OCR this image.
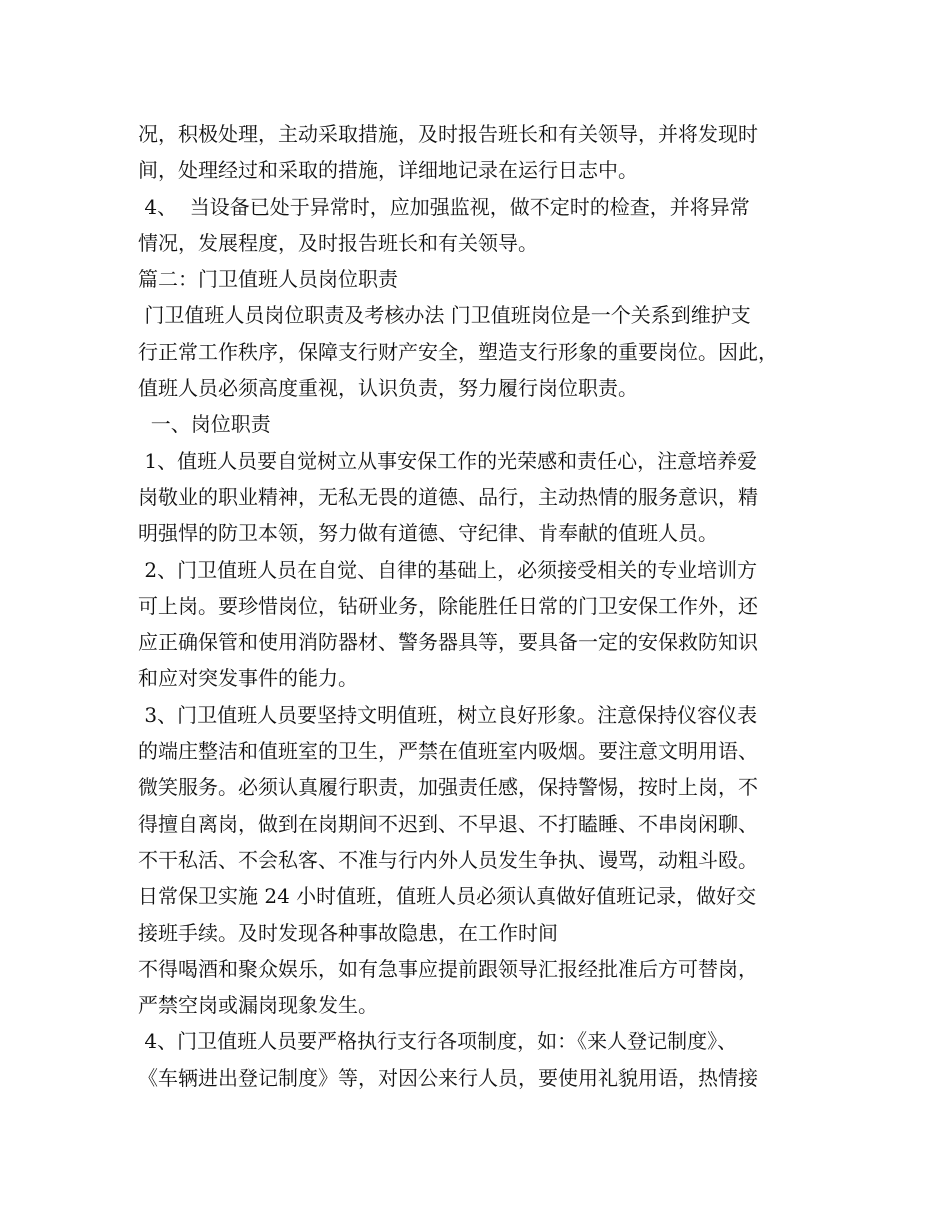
况，积极处理，主动采取措施，及时报告班长和有关领导，并将发现时

间，处理经过和采取的措施，详细地记录在运行日志中。

4、  当设备已处于异常时，应加强监视，做不定时的检查，并将异常

情况，发展程度，及时报告班长和有关领导。

篇二：门卫值班人员岗位职责

门卫值班人员岗位职责及考核办法 门卫值班岗位是一个关系到维护支

行正常工作秩序，保障支行财产安全，塑造支行形象的重要岗位。因此，

值班人员必须高度重视，认识负责，努力履行岗位职责。

一、岗位职责

1、值班人员要自觉树立从事安保工作的光荣感和责任心，注意培养爱

岗敬业的职业精神，无私无畏的道德、品行，主动热情的服务意识，精

明强悍的防卫本领，努力做有道德、守纪律、肯奉献的值班人员。

2、门卫值班人员在自觉、自律的基础上，必须接受相关的专业培训方

可上岗。要珍惜岗位，钻研业务，除能胜任日常的门卫安保工作外，还

应正确保管和使用消防器材、警务器具等，要具备一定的安保救防知识

和应对突发事件的能力。

3、门卫值班人员要坚持文明值班，树立良好形象。注意保持仪容仪表

的端庄整洁和值班室的卫生，严禁在值班室内吸烟。要注意文明用语、

微笑服务。必须认真履行职责，加强责任感，保持警惕，按时上岗，不

得擅自离岗，做到在岗期间不迟到、不早退、不打瞌睡、不串岗闲聊、

不干私活、不会私客、不准与行内外人员发生争执、谩骂，动粗斗殴。

日常保卫实施 24 小时值班，值班人员必须认真做好值班记录，做好交

接班手续。及时发现各种事故隐患，在工作时间

不得喝酒和聚众娱乐，如有急事应提前跟领导汇报经批准后方可替岗，

严禁空岗或漏岗现象发生。

4、门卫值班人员要严格执行支行各项制度，如：《来人登记制度》、

《车辆进出登记制度》等，对因公来行人员，要使用礼貌用语，热情接
